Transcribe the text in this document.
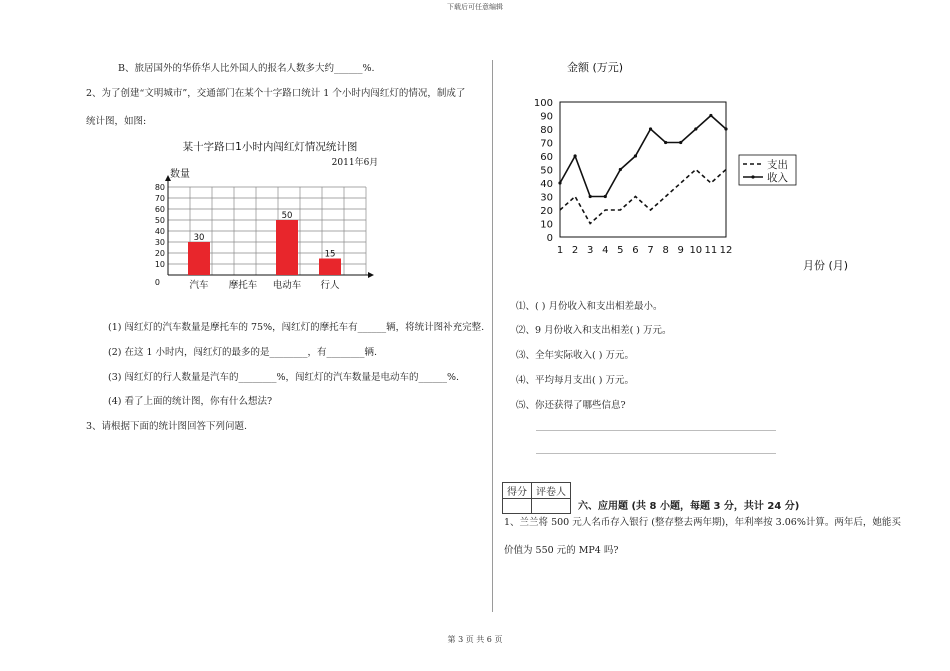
下载后可任意编辑
第 3 页 共 6 页
B、旅居国外的华侨华人比外国人的报名人数多大约______%.
2、为了创建“文明城市”，交通部门在某个十字路口统计 1 个小时内闯红灯的情况，制成了
统计图，如图:
某十字路口1小时内闯红灯情况统计图
2011年6月
数量
30
50
15
0
10
20
30
40
50
60
70
80
汽车 摩托车 电动车 行人
(1) 闯红灯的汽车数量是摩托车的 75%，闯红灯的摩托车有______辆，将统计图补充完整.
(2) 在这 1 小时内，闯红灯的最多的是________，有________辆.
(3) 闯红灯的行人数量是汽车的________%，闯红灯的汽车数量是电动车的______%.
(4) 看了上面的统计图，你有什么想法?
3、请根据下面的统计图回答下列问题.
金额 (万元)
月份 (月)
0
10
20
30
40
50
60
70
80
90
100
1 2 3 4 5 6 7 8 9 10 11 12
支出
收入
⑴、( ) 月份收入和支出相差最小。
⑵、9 月份收入和支出相差( ) 万元。
⑶、全年实际收入( ) 万元。
⑷、平均每月支出( ) 万元。
⑸、你还获得了哪些信息?
得分	评卷人

六、应用题 (共 8 小题，每题 3 分，共计 24 分)
1、兰兰将 500 元人名币存入银行 (整存整去两年期)，年利率按 3.06%计算。两年后，她能买
价值为 550 元的 MP4 吗?
